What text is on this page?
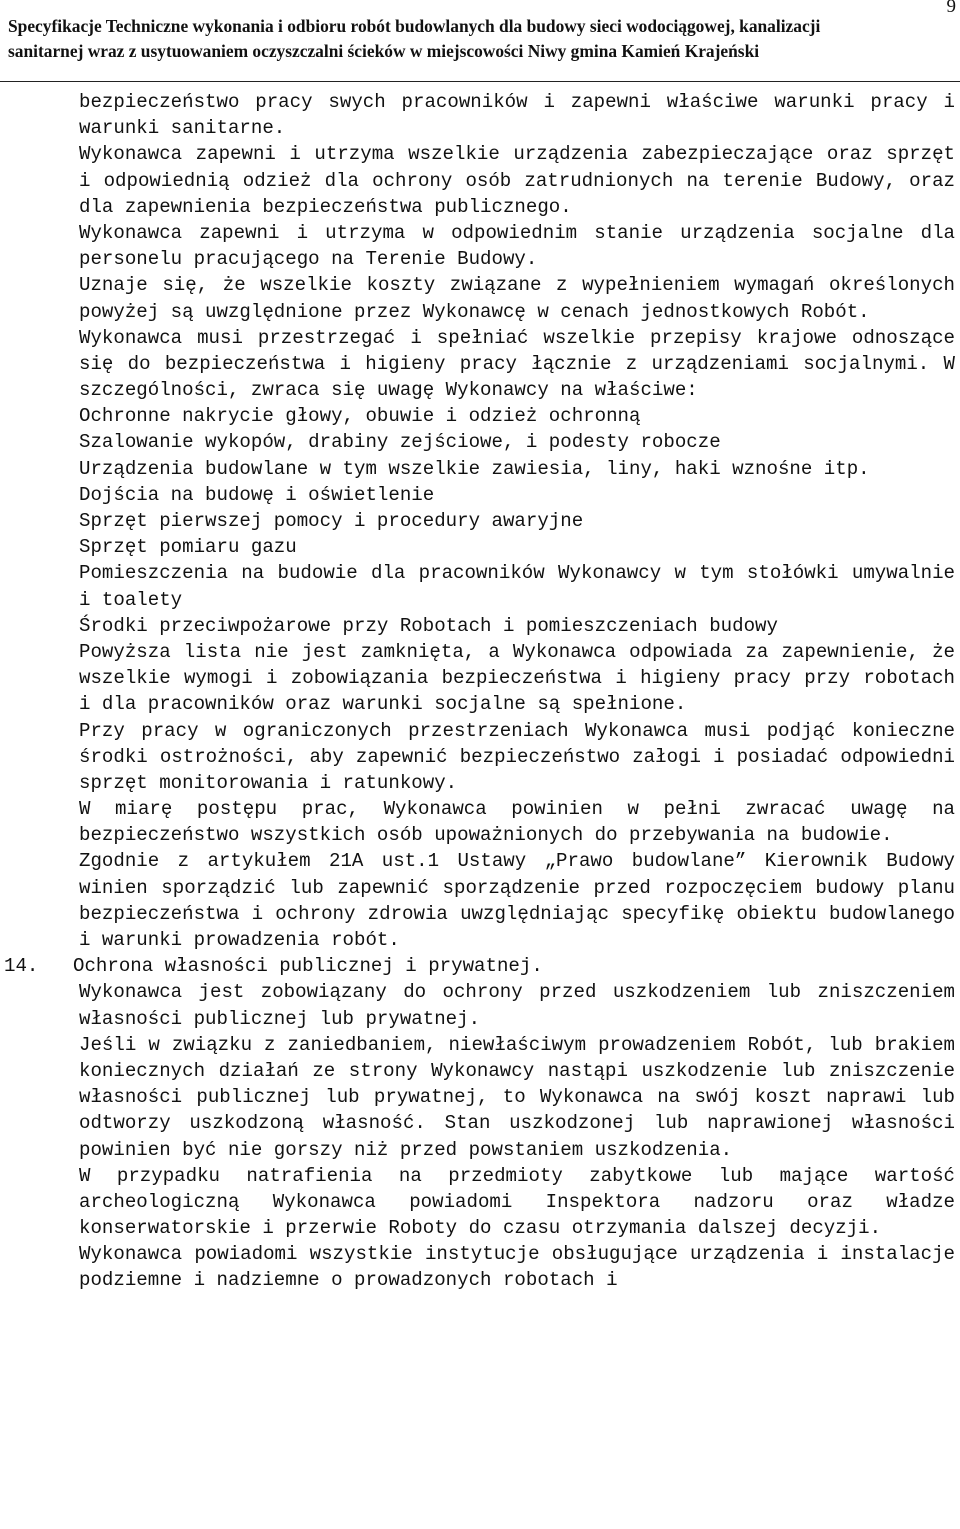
9
Specyfikacje Techniczne wykonania i odbioru robót budowlanych dla budowy sieci wodociągowej, kanalizacji
sanitarnej wraz z usytuowaniem oczyszczalni ścieków w miejscowości Niwy gmina Kamień Krajeński

bezpieczeństwo pracy swych pracowników i zapewni właściwe warunki pracy i warunki sanitarne.

Wykonawca zapewni i utrzyma wszelkie urządzenia zabezpieczające oraz sprzęt i odpowiednią odzież dla ochrony osób zatrudnionych na terenie Budowy, oraz dla zapewnienia bezpieczeństwa publicznego.

Wykonawca zapewni i utrzyma w odpowiednim stanie urządzenia socjalne dla personelu pracującego na Terenie Budowy.

Uznaje się, że wszelkie koszty związane z wypełnieniem wymagań określonych powyżej są uwzględnione przez Wykonawcę w cenach jednostkowych Robót.

Wykonawca musi przestrzegać i spełniać wszelkie przepisy krajowe odnoszące się do bezpieczeństwa i higieny pracy łącznie z urządzeniami socjalnymi. W szczególności, zwraca się uwagę Wykonawcy na właściwe:

Ochronne nakrycie głowy, obuwie i odzież ochronną
Szalowanie wykopów, drabiny zejściowe, i podesty robocze
Urządzenia budowlane w tym wszelkie zawiesia, liny, haki wznośne itp.
Dojścia na budowę i oświetlenie
Sprzęt pierwszej pomocy i procedury awaryjne
Sprzęt pomiaru gazu
Pomieszczenia na budowie dla pracowników Wykonawcy w tym stołówki umywalnie i toalety
Środki przeciwpożarowe przy Robotach i pomieszczeniach budowy

Powyższa lista nie jest zamknięta, a Wykonawca odpowiada za zapewnienie, że wszelkie wymogi i zobowiązania bezpieczeństwa i higieny pracy przy robotach i dla pracowników oraz warunki socjalne są spełnione.

Przy pracy w ograniczonych przestrzeniach Wykonawca musi podjąć konieczne środki ostrożności, aby zapewnić bezpieczeństwo załogi i posiadać odpowiedni sprzęt monitorowania i ratunkowy.

W miarę postępu prac, Wykonawca powinien w pełni zwracać uwagę na bezpieczeństwo wszystkich osób upoważnionych do przebywania na budowie.

Zgodnie z artykułem 21A ust.1 Ustawy „Prawo budowlane” Kierownik Budowy winien sporządzić lub zapewnić sporządzenie przed rozpoczęciem budowy planu bezpieczeństwa i ochrony zdrowia uwzględniając specyfikę obiektu budowlanego i warunki prowadzenia robót.

14. Ochrona własności publicznej i prywatnej.

Wykonawca jest zobowiązany do ochrony przed uszkodzeniem lub zniszczeniem własności publicznej lub prywatnej.

Jeśli w związku z zaniedbaniem, niewłaściwym prowadzeniem Robót, lub brakiem koniecznych działań ze strony Wykonawcy nastąpi uszkodzenie lub zniszczenie własności publicznej lub prywatnej, to Wykonawca na swój koszt naprawi lub odtworzy uszkodzoną własność. Stan uszkodzonej lub naprawionej własności powinien być nie gorszy niż przed powstaniem uszkodzenia.

W przypadku natrafienia na przedmioty zabytkowe lub mające wartość archeologiczną Wykonawca powiadomi Inspektora nadzoru oraz władze konserwatorskie i przerwie Roboty do czasu otrzymania dalszej decyzji.

Wykonawca powiadomi wszystkie instytucje obsługujące urządzenia i instalacje podziemne i nadziemne o prowadzonych robotach i
